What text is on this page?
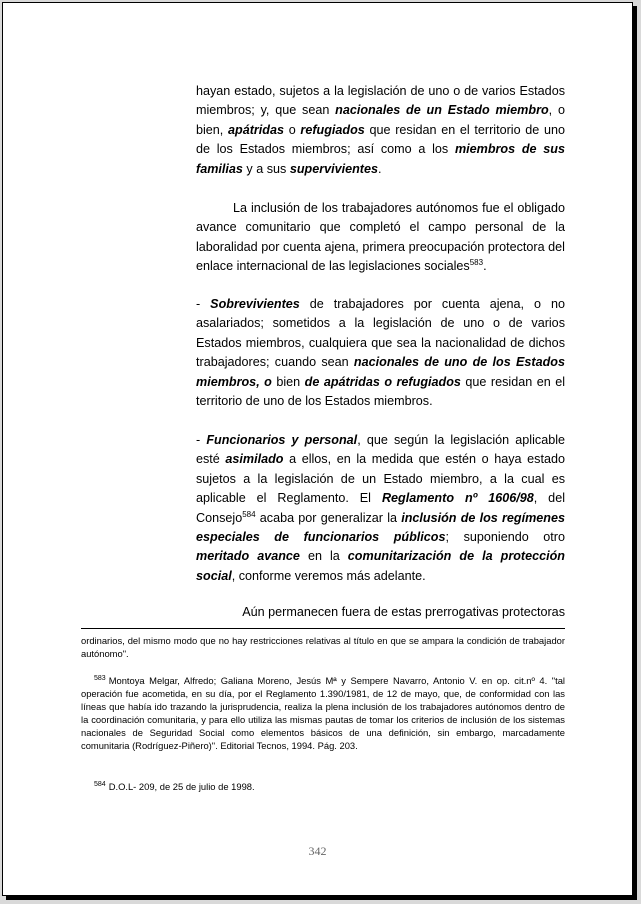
hayan estado, sujetos a la legislación de uno o de varios Estados miembros; y, que sean nacionales de un Estado miembro, o bien, apátridas o refugiados que residan en el territorio de uno de los Estados miembros; así como a los miembros de sus familias y a sus supervivientes.

La inclusión de los trabajadores autónomos fue el obligado avance comunitario que completó el campo personal de la laboralidad por cuenta ajena, primera preocupación protectora del enlace internacional de las legislaciones sociales$^{583}$.

- Sobrevivientes de trabajadores por cuenta ajena, o no asalariados; sometidos a la legislación de uno o de varios Estados miembros, cualquiera que sea la nacionalidad de dichos trabajadores; cuando sean nacionales de uno de los Estados miembros, o bien de apátridas o refugiados que residan en el territorio de uno de los Estados miembros.

- Funcionarios y personal, que según la legislación aplicable esté asimilado a ellos, en la medida que estén o haya estado sujetos a la legislación de un Estado miembro, a la cual es aplicable el Reglamento. El Reglamento nº 1606/98, del Consejo$^{584}$ acaba por generalizar la inclusión de los regímenes especiales de funcionarios públicos; suponiendo otro meritado avance en la comunitarización de la protección social, conforme veremos más adelante.

Aún permanecen fuera de estas prerrogativas protectoras

ordinarios, del mismo modo que no hay restricciones relativas al título en que se ampara la condición de trabajador autónomo".

$^{583}$ Montoya Melgar, Alfredo; Galiana Moreno, Jesús Mª y Sempere Navarro, Antonio V. en op. cit.nº 4. "tal operación fue acometida, en su día, por el Reglamento 1.390/1981, de 12 de mayo, que, de conformidad con las líneas que había ido trazando la jurisprudencia, realiza la plena inclusión de los trabajadores autónomos dentro de la coordinación comunitaria, y para ello utiliza las mismas pautas de tomar los criterios de inclusión de los sistemas nacionales de Seguridad Social como elementos básicos de una definición, sin embargo, marcadamente comunitaria (Rodríguez-Piñero)". Editorial Tecnos, 1994. Pág. 203.

$^{584}$ D.O.L- 209, de 25 de julio de 1998.

342
